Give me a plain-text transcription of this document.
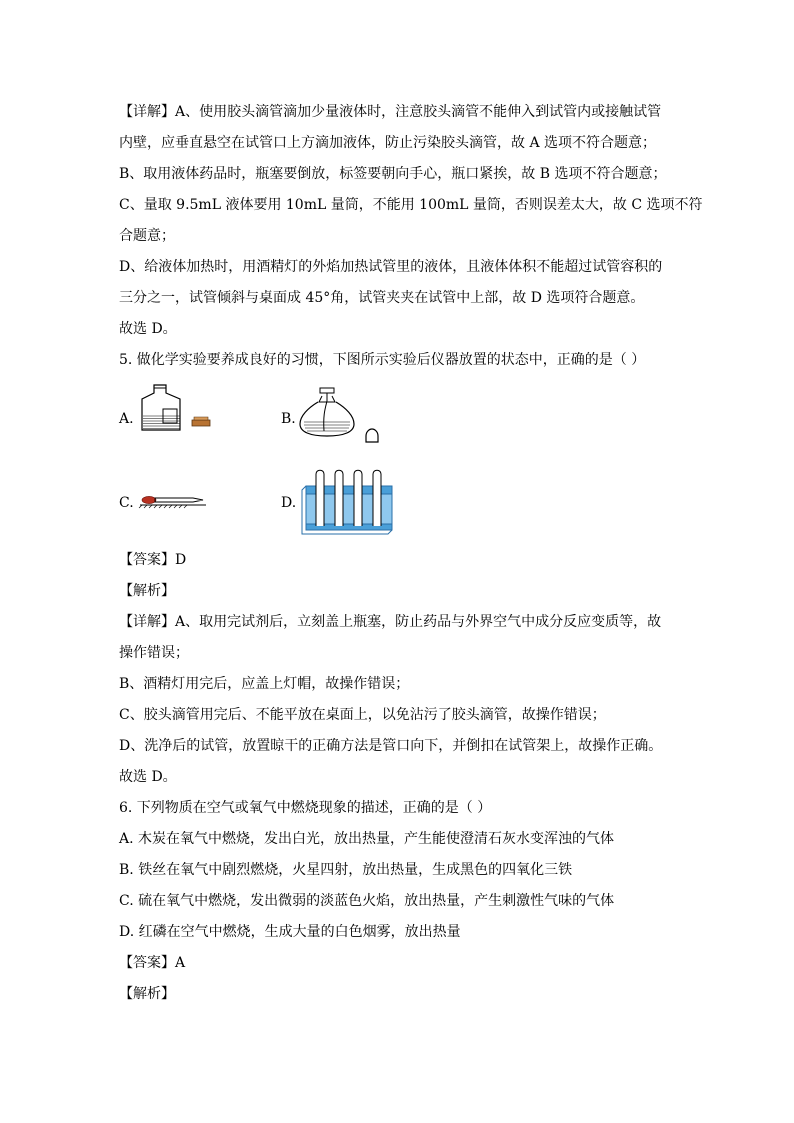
【详解】A、使用胶头滴管滴加少量液体时，注意胶头滴管不能伸入到试管内或接触试管
内壁，应垂直悬空在试管口上方滴加液体，防止污染胶头滴管，故 A 选项不符合题意；
B、取用液体药品时，瓶塞要倒放，标签要朝向手心，瓶口紧挨，故 B 选项不符合题意；
C、量取 9.5mL 液体要用 10mL 量筒，不能用 100mL 量筒，否则误差太大，故 C 选项不符
合题意；
D、给液体加热时，用酒精灯的外焰加热试管里的液体，且液体体积不能超过试管容积的
三分之一，试管倾斜与桌面成 45°角，试管夹夹在试管中上部，故 D 选项符合题意。
故选 D。
5. 做化学实验要养成良好的习惯，下图所示实验后仪器放置的状态中，正确的是（ ）
A.	B.
C.	D.
【答案】D
【解析】
【详解】A、取用完试剂后，立刻盖上瓶塞，防止药品与外界空气中成分反应变质等，故
操作错误；
B、酒精灯用完后，应盖上灯帽，故操作错误；
C、胶头滴管用完后、不能平放在桌面上，以免沾污了胶头滴管，故操作错误；
D、洗净后的试管，放置晾干的正确方法是管口向下，并倒扣在试管架上，故操作正确。
故选 D。
6. 下列物质在空气或氧气中燃烧现象的描述，正确的是（ ）
A. 木炭在氧气中燃烧，发出白光，放出热量，产生能使澄清石灰水变浑浊的气体
B. 铁丝在氧气中剧烈燃烧，火星四射，放出热量，生成黑色的四氧化三铁
C. 硫在氧气中燃烧，发出微弱的淡蓝色火焰，放出热量，产生刺激性气味的气体
D. 红磷在空气中燃烧，生成大量的白色烟雾，放出热量
【答案】A
【解析】
